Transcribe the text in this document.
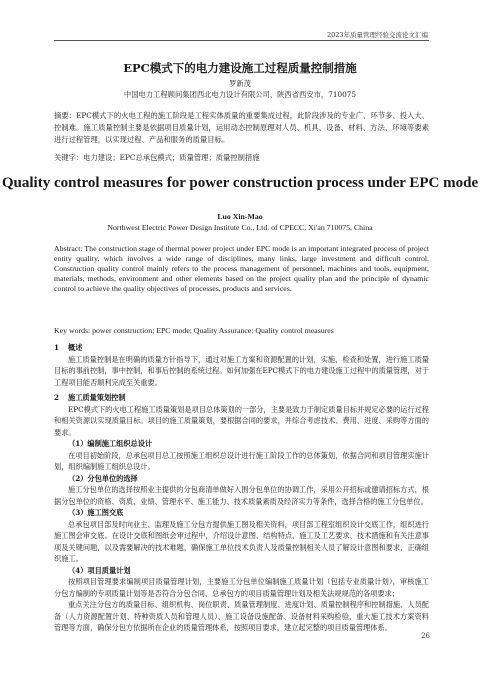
2023年质量管理经验交流论文汇编
EPC模式下的电力建设施工过程质量控制措施
罗新茂
中国电力工程顾问集团西北电力设计有限公司，陕西省西安市，710075

摘要：EPC模式下的火电工程的施工阶段是工程实体质量的重要集成过程，此阶段涉及的专业广、环节多、投入大、控制难。施工质量控制主要是依据项目质量计划，运用动态控制原理对人员、机具、设备、材料、方法、环境等要素进行过程管理，以实现过程、产品和服务的质量目标。

关键字：电力建设；EPC总承包模式；质量管理；质量控制措施

Quality control measures for power construction process under EPC mode
Luo Xin-Mao
Northwest Electric Power Design Institute Co., Ltd. of CPECC, Xi'an 710075, China

Abstract: The construction stage of thermal power project under EPC mode is an important integrated process of project entity quality, which involves a wide range of disciplines, many links, large investment and difficult control. Construction quality control mainly refers to the process management of personnel, machines and tools, equipment, materials, methods, environment and other elements based on the project quality plan and the principle of dynamic control to achieve the quality objectives of processes, products and services.

Key words: power construction; EPC mode; Quality Assurance; Quality control measures

1 概述

施工质量控制是在明确的质量方针指导下，通过对施工方案和资源配置的计划，实施，检查和处置，进行施工质量目标的事前控制，事中控制，和事后控制的系统过程。如何加强在EPC模式下的电力建设施工过程中的质量管理，对于工程项目能否顺利完成至关重要。

2 施工质量策划控制

EPC模式下的火电工程施工质量策划是项目总体策划的一部分，主要是致力于制定质量目标并规定必要的运行过程和相关资源以实现质量目标。项目的施工质量策划，要根据合同的要求，并综合考虑技术、费用、进度、采购等方面的要求。

（1）编制施工组织总设计

在项目初始阶段，总承包项目总工按照施工组织总设计进行施工阶段工作的总体策划，依据合同和项目管理实施计划，组织编制施工组织总设计。

（2）分包单位的选择

施工分包单位的选择按照业主提供的分包商清单做好入围分包单位的协调工作，采用公开招标或邀请招标方式，根据分包单位的资格、资质、业绩、管理水平、施工能力、技术质量素质及经济实力等条件，选择合格的施工分包单位。

（3）施工图交底

总承包项目部及时向业主、监理及施工分包方提供施工图及相关资料，项目部工程室组织设计交底工作，组织进行施工图会审交底。在设计交底和图纸会审过程中，介绍设计意图、结构特点、施工及工艺要求、技术措施和有关注意事项及关键问题，以及需要解决的技术难题，确保施工单位技术负责人及质量控制相关人员了解设计意图和要求，正确组织施工。

（4）项目质量计划

按照项目管理要求编制项目质量管理计划，主要施工分包单位编制施工质量计划（包括专业质量计划），审核施工分包方编制的专项质量计划等是否符合分包合同、总承包方的项目质量管理计划及相关法规规范的各项要求；

重点关注分包方的质量目标、组织机构、岗位职责、质量管理制度、进度计划、质量控制程序和控制措施、人员配备（人力资源配置计划、特种资质人员和管理人员）、施工设备设施配备、设备材料采购检验、重大施工技术方案资料管理等方面，确保分包方依据所在企业的质量管理体系，按照项目要求，建立起完整的项目质量管理体系。

26
